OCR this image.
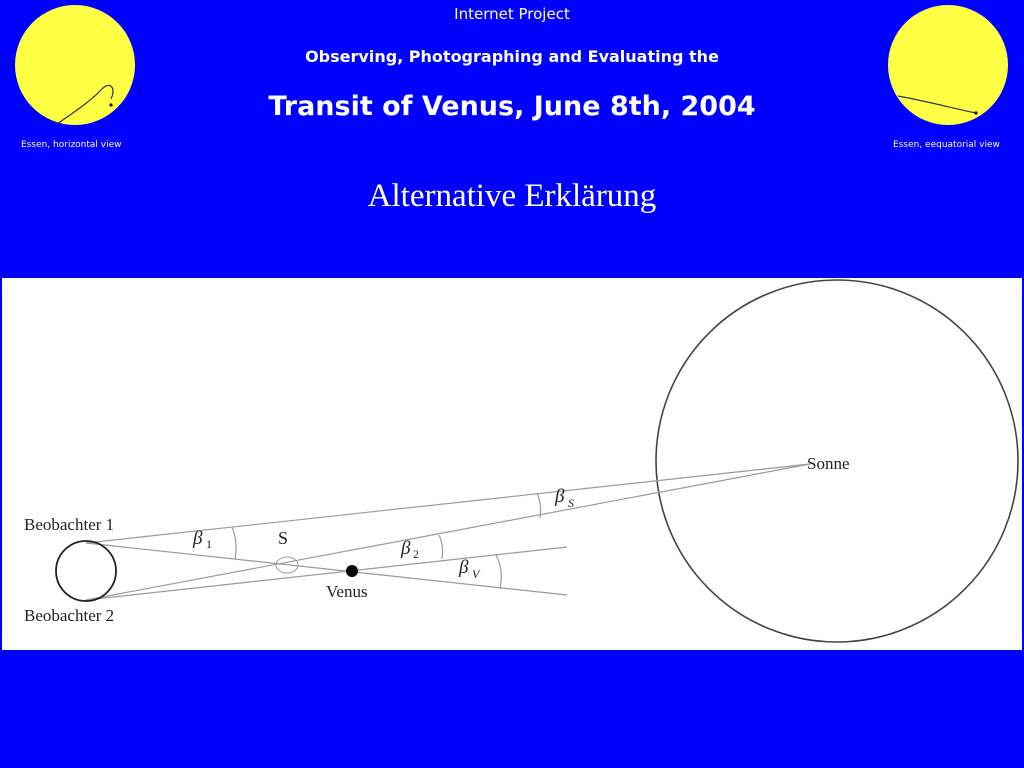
Essen, horizontal view	Essen, eequatorial view
Internet Project
Observing, Photographing and Evaluating the
Transit of Venus, June 8th, 2004
Alternative Erklärung
Beobachter 1
Beobachter 2
Sonne
Venus
S
β 1	β 2
β S
β V
